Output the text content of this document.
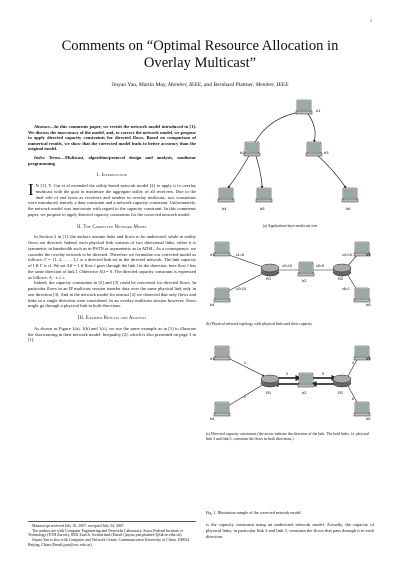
1
Comments on “Optimal Resource Allocation in
Overlay Multicast”
Jinyao Yan, Martin May, Member, IEEE, and Bernhard Plattner, Member, IEEE

Abstract—In this comments paper, we revisit the network model introduced in [1]. We discuss the inaccuracy of the model, and, to correct the network model, we propose to apply directed capacity constraints for directed flows. Based on comparison of numerical results, we show that the corrected model leads to better accuracy than the original model.

Index Terms—Multicast, algorithm/protocol design and analysis, nonlinear programming

I. Introduction

I N [1], Y. Cui et al extended the utility-based network model [2] to apply it to overlay multicast with the goal to maximize the aggregate utility of all receivers. Due to the dual role of end hosts as receivers and senders in overlay multicast, two constraints were introduced, namely a data constraint and a network capacity constraint. Unfortunately, the network model was inaccurate with regard to the capacity constraint. In this comments paper, we propose to apply directed capacity constraints for the corrected network model.

II. The Corrected Network Model

In Section 2 in [1], the authors assume links and flows to be undirected, while in reality flows are directed. Indeed, each physical link consists of two directional links, either it is symmetric in bandwidth such as in PSTN or asymmetric as in ADSL. As a consequence, we consider the overlay network to be directed. Therefore we formulate our corrected model as follows: Γ = {1, 2, . . . , L} is a directed link set in the directed network. The link capacity of l ∈ Γ is cl. We set Alf = 1 if flow f goes through the link l in the direction, here flow f has the same direction of link l. Otherwise Alf = 0. The directed capacity constraint is expressed as follows: A · x ≤ c.

Indeed, the capacity constraints in [2] and [3] could be conceived for directed flows. In particular flows in an IP multicast session transfer data over the same physical link only in one direction [3]. And in the network model for unicast [2] we observed that only flows and links in a single direction were considered. In an overlay multicast session however, flows might go through a physical link in both directions.

III. Example Results and Analysis

As shown in Figure 1(a), 1(b) and 1(c), we use the same example as in [1] to illustrate the shortcoming in their network model. Inequality (2), which is also presented on page 3 in [1],

Manuscript received July 10, 2007; accepted July 24, 2007.

The authors are with Computer Engineering and Networks Laboratory, Swiss Federal Institute of Technology (ETH Zurich), 8092 Zurich, Switzerland (Email:{jinyao.yan,plattner}@tik.ee.ethz.ch).

Jinyao Yan is also with Computer and Network Center, Communication University of China, 100024 Beijing, China (Email:jyan@cuc.edu.cn).

h1
h2	h3
h4	h5	h6
(a) Application-layer multicast tree
h1
h4
R1	h2	R2
h5
h6
c1=8
c2=15
c3=15	c5=5
c4=10
c6=1
(b) Physical network topology with physical links and their capacity
h1
h4
R1	h2	R2
h5
h6
1
2
3	5
4
6
(c) Directed capacity constraints (the arrow indicate the direction of the link. The bold links, i.e. physical link 3 and link 5, constrain the flows in both directions.)
Fig. 1. Illustration sample of the corrected network model

is the capacity constraint using an undirected network model. Actually, the capacity of physical links, in particular link 3 and link 5, constrain the flows that pass through it in each direction
